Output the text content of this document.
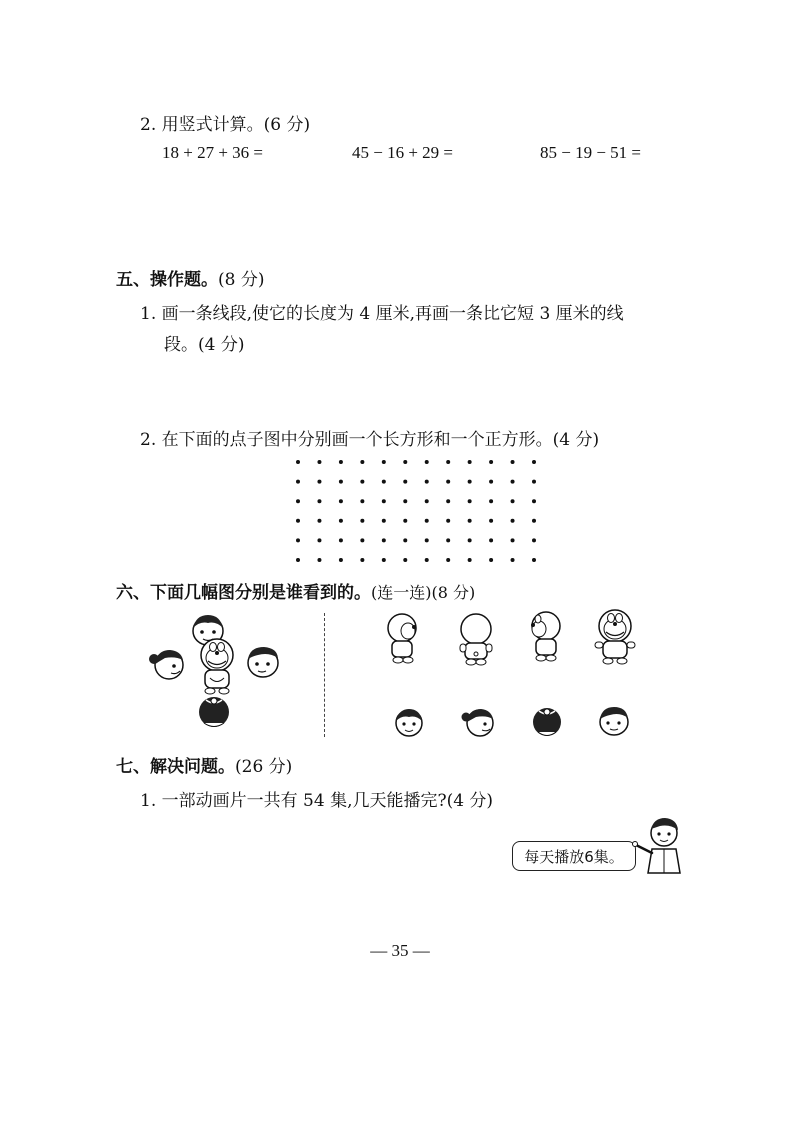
2. 用竖式计算。(6 分)
18 + 27 + 36 =	45 − 16 + 29 =	85 − 19 − 51 =
五、操作题。(8 分)
1. 画一条线段,使它的长度为 4 厘米,再画一条比它短 3 厘米的线
段。(4 分)
2. 在下面的点子图中分别画一个长方形和一个正方形。(4 分)
六、下面几幅图分别是谁看到的。(连一连)(8 分)
七、解决问题。(26 分)
1. 一部动画片一共有 54 集,几天能播完?(4 分)
每天播放6集。
— 35 —
